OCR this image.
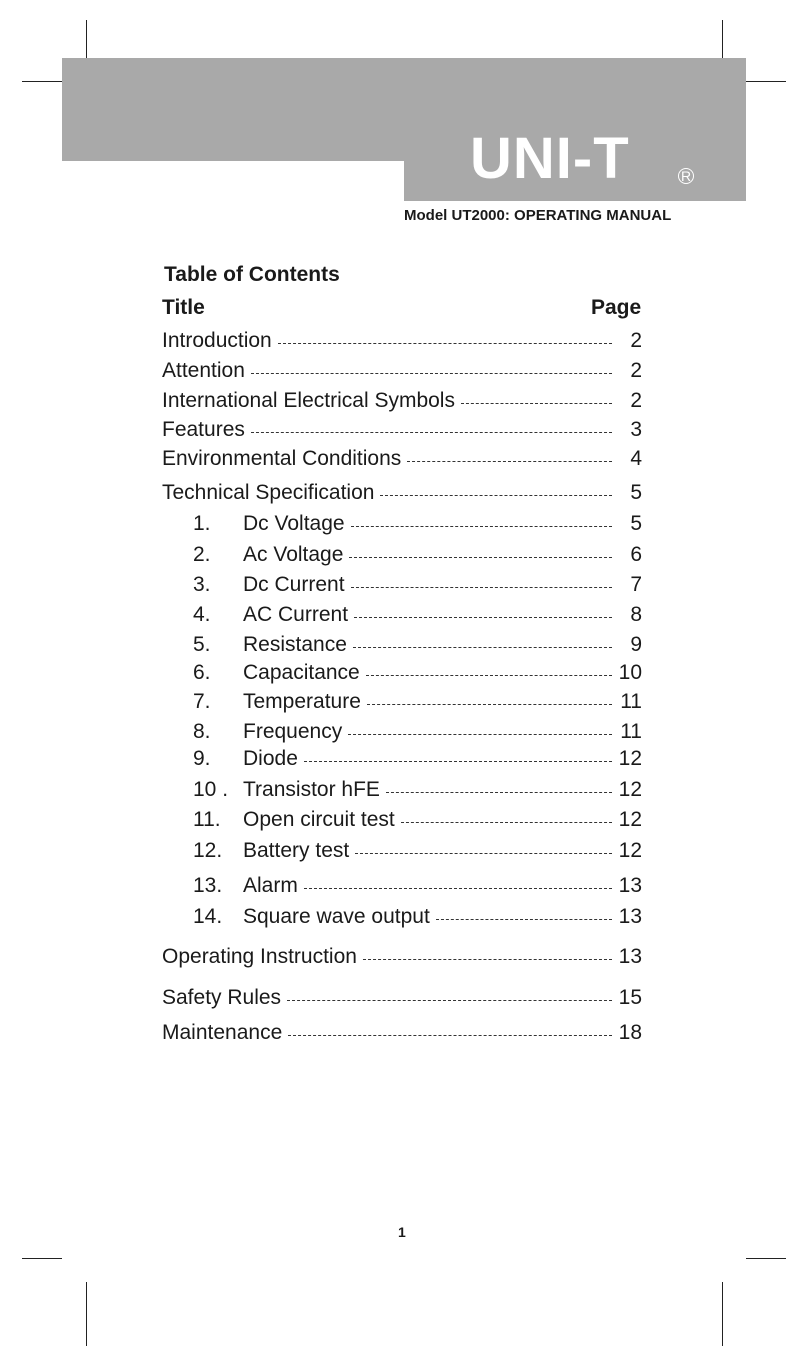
UNI-T	R
Model UT2000: OPERATING MANUAL
Table of Contents
Title	Page
Introduction	2
Attention	2
International Electrical Symbols	2
Features	3
Environmental Conditions	4
Technical Specification	5
1.	Dc Voltage	5
2.	Ac Voltage	6
3.	Dc Current	7
4.	AC Current	8
5.	Resistance	9
6.	Capacitance	10
7.	Temperature	11
8.	Frequency	11
9.	Diode	12
10 . Transistor hFE	12
11.	Open circuit test	12
12. Battery test	12
13. Alarm	13
14. Square wave output	13
Operating Instruction	13
Safety Rules	15
Maintenance	18
1
